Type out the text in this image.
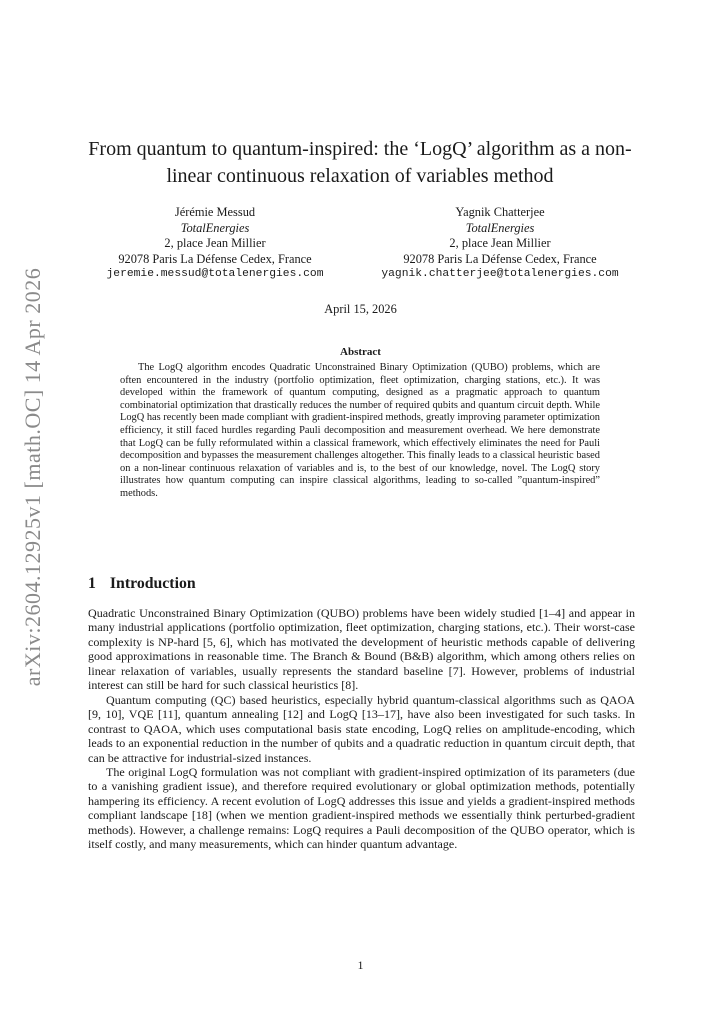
arXiv:2604.12925v1 [math.OC] 14 Apr 2026
From quantum to quantum-inspired: the ‘LogQ’ algorithm as a non-linear continuous relaxation of variables method
Jérémie Messud
TotalEnergies
2, place Jean Millier
92078 Paris La Défense Cedex, France
jeremie.messud@totalenergies.com
Yagnik Chatterjee
TotalEnergies
2, place Jean Millier
92078 Paris La Défense Cedex, France
yagnik.chatterjee@totalenergies.com
April 15, 2026
Abstract

The LogQ algorithm encodes Quadratic Unconstrained Binary Optimization (QUBO) problems, which are often encountered in the industry (portfolio optimization, fleet optimization, charging stations, etc.). It was developed within the framework of quantum computing, designed as a pragmatic approach to quantum combinatorial optimization that drastically reduces the number of required qubits and quantum circuit depth. While LogQ has recently been made compliant with gradient-inspired methods, greatly improving parameter optimization efficiency, it still faced hurdles regarding Pauli decomposition and measurement overhead. We here demonstrate that LogQ can be fully reformulated within a classical framework, which effectively eliminates the need for Pauli decomposition and bypasses the measurement challenges altogether. This finally leads to a classical heuristic based on a non-linear continuous relaxation of variables and is, to the best of our knowledge, novel. The LogQ story illustrates how quantum computing can inspire classical algorithms, leading to so-called ”quantum-inspired” methods.

1 Introduction

Quadratic Unconstrained Binary Optimization (QUBO) problems have been widely studied [1–4] and appear in many industrial applications (portfolio optimization, fleet optimization, charging stations, etc.). Their worst-case complexity is NP-hard [5, 6], which has motivated the development of heuristic methods capable of delivering good approximations in reasonable time. The Branch & Bound (B&B) algorithm, which among others relies on linear relaxation of variables, usually represents the standard baseline [7]. However, problems of industrial interest can still be hard for such classical heuristics [8].

Quantum computing (QC) based heuristics, especially hybrid quantum-classical algorithms such as QAOA [9, 10], VQE [11], quantum annealing [12] and LogQ [13–17], have also been investigated for such tasks. In contrast to QAOA, which uses computational basis state encoding, LogQ relies on amplitude-encoding, which leads to an exponential reduction in the number of qubits and a quadratic reduction in quantum circuit depth, that can be attractive for industrial-sized instances.

The original LogQ formulation was not compliant with gradient-inspired optimization of its parameters (due to a vanishing gradient issue), and therefore required evolutionary or global optimization methods, potentially hampering its efficiency. A recent evolution of LogQ addresses this issue and yields a gradient-inspired methods compliant landscape [18] (when we mention gradient-inspired methods we essentially think perturbed-gradient methods). However, a challenge remains: LogQ requires a Pauli decomposition of the QUBO operator, which is itself costly, and many measurements, which can hinder quantum advantage.

1
